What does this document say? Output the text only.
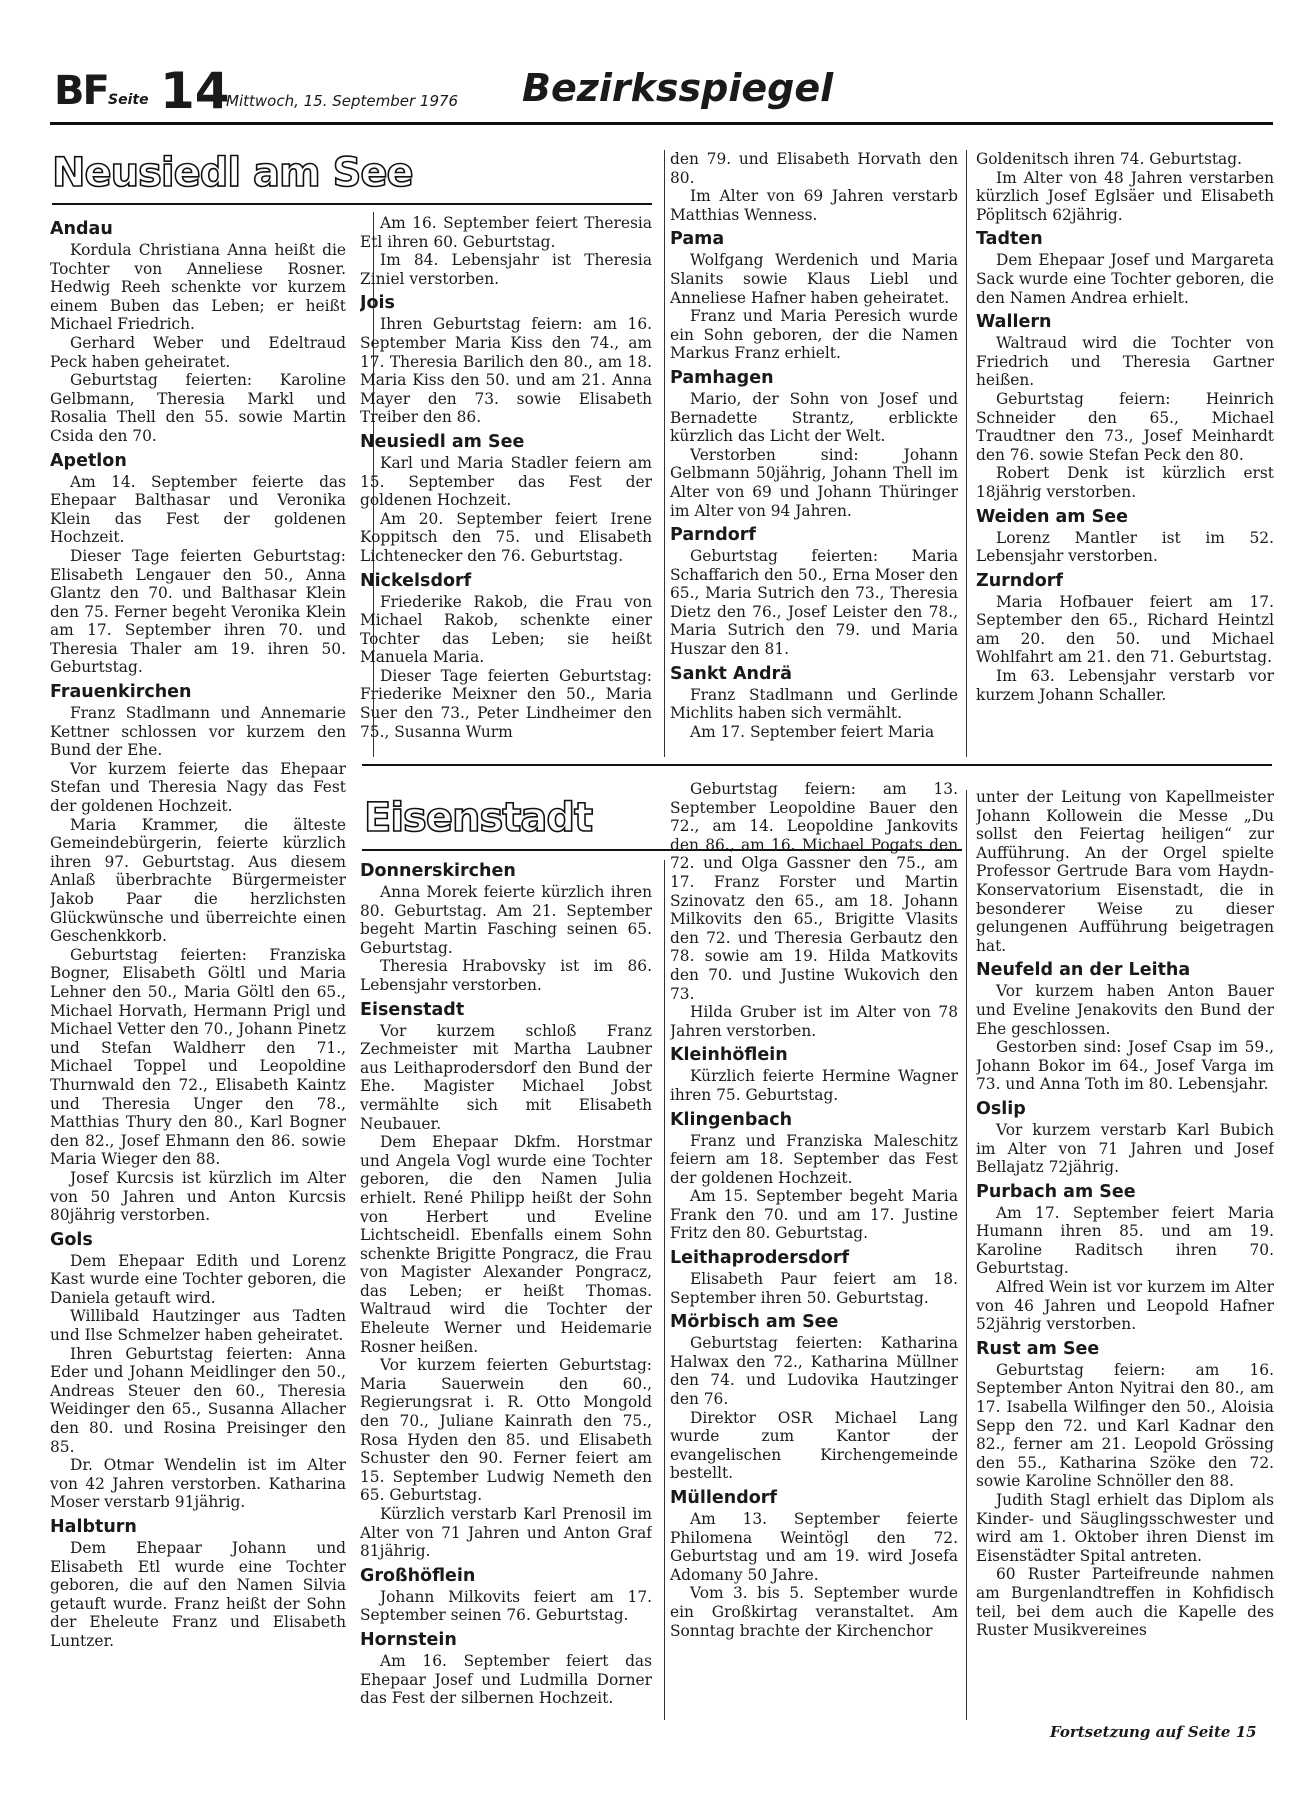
BF Seite 14
Mittwoch, 15. September 1976 Bezirksspiegel
Neusiedl am See
Eisenstadt
Andau

Kordula Christiana Anna heißt die Tochter von Anneliese Rosner. Hedwig Reeh schenkte vor kurzem einem Buben das Leben; er heißt Michael Friedrich.

Gerhard Weber und Edeltraud Peck haben geheiratet.

Geburtstag feierten: Karoline Gelbmann, Theresia Markl und Rosalia Thell den 55. sowie Martin Csida den 70.

Apetlon

Am 14. September feierte das Ehepaar Balthasar und Veronika Klein das Fest der goldenen Hochzeit.

Dieser Tage feierten Geburtstag: Elisabeth Lengauer den 50., Anna Glantz den 70. und Balthasar Klein den 75. Ferner begeht Veronika Klein am 17. September ihren 70. und Theresia Thaler am 19. ihren 50. Geburtstag.

Frauenkirchen

Franz Stadlmann und Annemarie Kettner schlossen vor kurzem den Bund der Ehe.

Vor kurzem feierte das Ehepaar Stefan und Theresia Nagy das Fest der goldenen Hochzeit.

Maria Krammer, die älteste Gemeindebürgerin, feierte kürzlich ihren 97. Geburtstag. Aus diesem Anlaß überbrachte Bürgermeister Jakob Paar die herzlichsten Glückwünsche und überreichte einen Geschenkkorb.

Geburtstag feierten: Franziska Bogner, Elisabeth Göltl und Maria Lehner den 50., Maria Göltl den 65., Michael Horvath, Hermann Prigl und Michael Vetter den 70., Johann Pinetz und Stefan Waldherr den 71., Michael Toppel und Leopoldine Thurnwald den 72., Elisabeth Kaintz und Theresia Unger den 78., Matthias Thury den 80., Karl Bogner den 82., Josef Ehmann den 86. sowie Maria Wieger den 88.

Josef Kurcsis ist kürzlich im Alter von 50 Jahren und Anton Kurcsis 80jährig verstorben.

Gols

Dem Ehepaar Edith und Lorenz Kast wurde eine Tochter geboren, die Daniela getauft wird.

Willibald Hautzinger aus Tadten und Ilse Schmelzer haben geheiratet.

Ihren Geburtstag feierten: Anna Eder und Johann Meidlinger den 50., Andreas Steuer den 60., Theresia Weidinger den 65., Susanna Allacher den 80. und Rosina Preisinger den 85.

Dr. Otmar Wendelin ist im Alter von 42 Jahren verstorben. Katharina Moser verstarb 91jährig.

Halbturn

Dem Ehepaar Johann und Elisabeth Etl wurde eine Tochter geboren, die auf den Namen Silvia getauft wurde. Franz heißt der Sohn der Eheleute Franz und Elisabeth Luntzer.

Am 16. September feiert Theresia Etl ihren 60. Geburtstag.

Im 84. Lebensjahr ist Theresia Ziniel verstorben.

Jois

Ihren Geburtstag feiern: am 16. September Maria Kiss den 74., am 17. Theresia Barilich den 80., am 18. Maria Kiss den 50. und am 21. Anna Mayer den 73. sowie Elisabeth Treiber den 86.

Neusiedl am See

Karl und Maria Stadler feiern am 15. September das Fest der goldenen Hochzeit.

Am 20. September feiert Irene Koppitsch den 75. und Elisabeth Lichtenecker den 76. Geburtstag.

Nickelsdorf

Friederike Rakob, die Frau von Michael Rakob, schenkte einer Tochter das Leben; sie heißt Manuela Maria.

Dieser Tage feierten Geburtstag: Friederike Meixner den 50., Maria Suer den 73., Peter Lindheimer den 75., Susanna Wurm

den 79. und Elisabeth Horvath den 80.

Im Alter von 69 Jahren verstarb Matthias Wenness.

Pama

Wolfgang Werdenich und Maria Slanits sowie Klaus Liebl und Anneliese Hafner haben geheiratet.

Franz und Maria Peresich wurde ein Sohn geboren, der die Namen Markus Franz erhielt.

Pamhagen

Mario, der Sohn von Josef und Bernadette Strantz, erblickte kürzlich das Licht der Welt.

Verstorben sind: Johann Gelbmann 50jährig, Johann Thell im Alter von 69 und Johann Thüringer im Alter von 94 Jahren.

Parndorf

Geburtstag feierten: Maria Schaffarich den 50., Erna Moser den 65., Maria Sutrich den 73., Theresia Dietz den 76., Josef Leister den 78., Maria Sutrich den 79. und Maria Huszar den 81.

Sankt Andrä

Franz Stadlmann und Gerlinde Michlits haben sich vermählt.

Am 17. September feiert Maria

Goldenitsch ihren 74. Geburtstag.

Im Alter von 48 Jahren verstarben kürzlich Josef Eglsäer und Elisabeth Pöplitsch 62jährig.

Tadten

Dem Ehepaar Josef und Margareta Sack wurde eine Tochter geboren, die den Namen Andrea erhielt.

Wallern

Waltraud wird die Tochter von Friedrich und Theresia Gartner heißen.

Geburtstag feiern: Heinrich Schneider den 65., Michael Traudtner den 73., Josef Meinhardt den 76. sowie Stefan Peck den 80.

Robert Denk ist kürzlich erst 18jährig verstorben.

Weiden am See

Lorenz Mantler ist im 52. Lebensjahr verstorben.

Zurndorf

Maria Hofbauer feiert am 17. September den 65., Richard Heintzl am 20. den 50. und Michael Wohlfahrt am 21. den 71. Geburtstag.

Im 63. Lebensjahr verstarb vor kurzem Johann Schaller.

Donnerskirchen

Anna Morek feierte kürzlich ihren 80. Geburtstag. Am 21. September begeht Martin Fasching seinen 65. Geburtstag.

Theresia Hrabovsky ist im 86. Lebensjahr verstorben.

Eisenstadt

Vor kurzem schloß Franz Zechmeister mit Martha Laubner aus Leithaprodersdorf den Bund der Ehe. Magister Michael Jobst vermählte sich mit Elisabeth Neubauer.

Dem Ehepaar Dkfm. Horstmar und Angela Vogl wurde eine Tochter geboren, die den Namen Julia erhielt. René Philipp heißt der Sohn von Herbert und Eveline Lichtscheidl. Ebenfalls einem Sohn schenkte Brigitte Pongracz, die Frau von Magister Alexander Pongracz, das Leben; er heißt Thomas. Waltraud wird die Tochter der Eheleute Werner und Heidemarie Rosner heißen.

Vor kurzem feierten Geburtstag: Maria Sauerwein den 60., Regierungsrat i. R. Otto Mongold den 70., Juliane Kainrath den 75., Rosa Hyden den 85. und Elisabeth Schuster den 90. Ferner feiert am 15. September Ludwig Nemeth den 65. Geburtstag.

Kürzlich verstarb Karl Prenosil im Alter von 71 Jahren und Anton Graf 81jährig.

Großhöflein

Johann Milkovits feiert am 17. September seinen 76. Geburtstag.

Hornstein

Am 16. September feiert das Ehepaar Josef und Ludmilla Dorner das Fest der silbernen Hochzeit.

Geburtstag feiern: am 13. September Leopoldine Bauer den 72., am 14. Leopoldine Jankovits den 86., am 16. Michael Pogats den 72. und Olga Gassner den 75., am 17. Franz Forster und Martin Szinovatz den 65., am 18. Johann Milkovits den 65., Brigitte Vlasits den 72. und Theresia Gerbautz den 78. sowie am 19. Hilda Matkovits den 70. und Justine Wukovich den 73.

Hilda Gruber ist im Alter von 78 Jahren verstorben.

Kleinhöflein

Kürzlich feierte Hermine Wagner ihren 75. Geburtstag.

Klingenbach

Franz und Franziska Maleschitz feiern am 18. September das Fest der goldenen Hochzeit.

Am 15. September begeht Maria Frank den 70. und am 17. Justine Fritz den 80. Geburtstag.

Leithaprodersdorf

Elisabeth Paur feiert am 18. September ihren 50. Geburtstag.

Mörbisch am See

Geburtstag feierten: Katharina Halwax den 72., Katharina Müllner den 74. und Ludovika Hautzinger den 76.

Direktor OSR Michael Lang wurde zum Kantor der evangelischen Kirchengemeinde bestellt.

Müllendorf

Am 13. September feierte Philomena Weintögl den 72. Geburtstag und am 19. wird Josefa Adomany 50 Jahre.

Vom 3. bis 5. September wurde ein Großkirtag veranstaltet. Am Sonntag brachte der Kirchenchor

unter der Leitung von Kapellmeister Johann Kollowein die Messe „Du sollst den Feiertag heiligen“ zur Aufführung. An der Orgel spielte Professor Gertrude Bara vom Haydn-Konservatorium Eisenstadt, die in besonderer Weise zu dieser gelungenen Aufführung beigetragen hat.

Neufeld an der Leitha

Vor kurzem haben Anton Bauer und Eveline Jenakovits den Bund der Ehe geschlossen.

Gestorben sind: Josef Csap im 59., Johann Bokor im 64., Josef Varga im 73. und Anna Toth im 80. Lebensjahr.

Oslip

Vor kurzem verstarb Karl Bubich im Alter von 71 Jahren und Josef Bellajatz 72jährig.

Purbach am See

Am 17. September feiert Maria Humann ihren 85. und am 19. Karoline Raditsch ihren 70. Geburtstag.

Alfred Wein ist vor kurzem im Alter von 46 Jahren und Leopold Hafner 52jährig verstorben.

Rust am See

Geburtstag feiern: am 16. September Anton Nyitrai den 80., am 17. Isabella Wilfinger den 50., Aloisia Sepp den 72. und Karl Kadnar den 82., ferner am 21. Leopold Grössing den 55., Katharina Szöke den 72. sowie Karoline Schnöller den 88.

Judith Stagl erhielt das Diplom als Kinder- und Säuglingsschwester und wird am 1. Oktober ihren Dienst im Eisenstädter Spital antreten.

60 Ruster Parteifreunde nahmen am Burgenlandtreffen in Kohfidisch teil, bei dem auch die Kapelle des Ruster Musikvereines

Fortsetzung auf Seite 15
